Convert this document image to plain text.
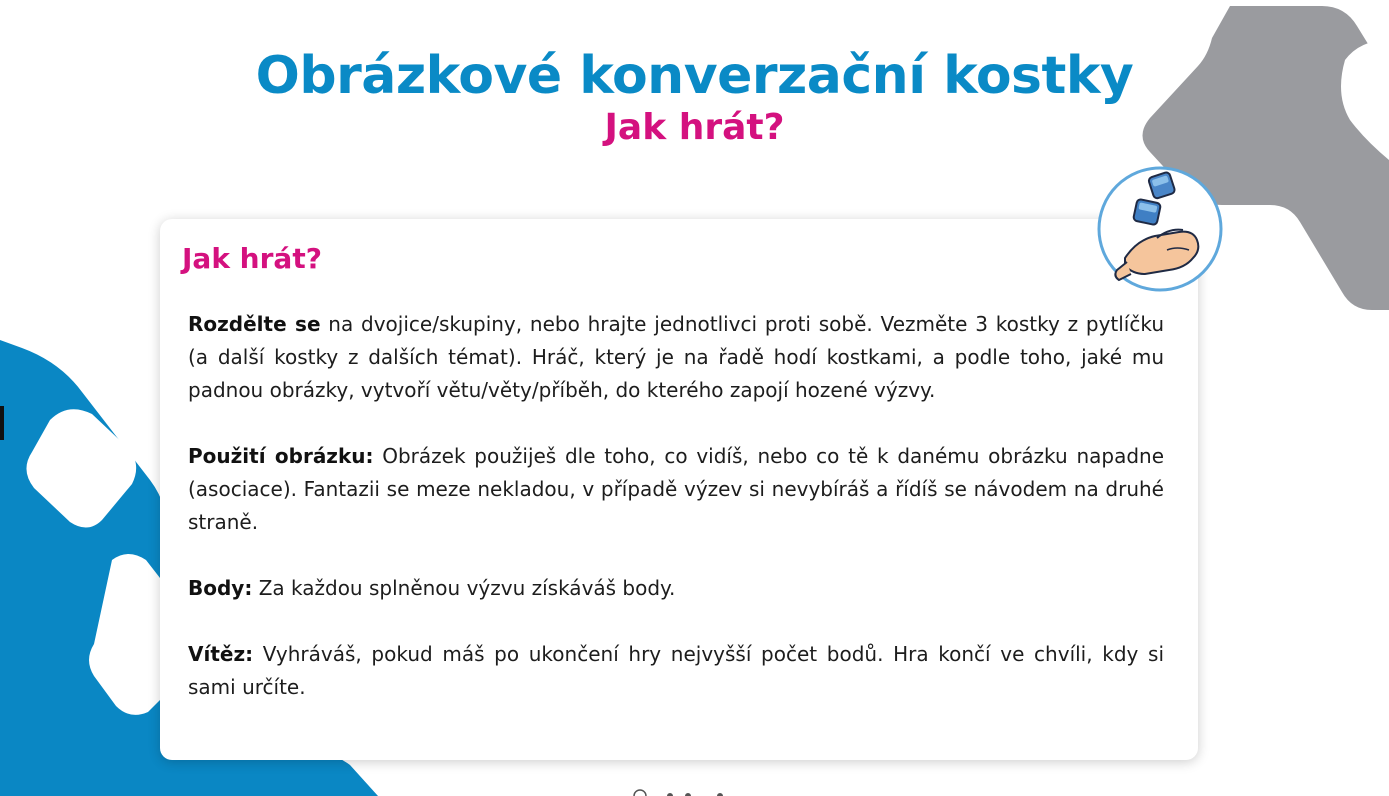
Obrázkové konverzační kostky
Jak hrát?
Jak hrát?

Rozdělte se na dvojice/skupiny, nebo hrajte jednotlivci proti sobě. Vezměte 3 kostky z pytlíčku (a další kostky z dalších témat). Hráč, který je na řadě hodí kostkami, a podle toho, jaké mu padnou obrázky, vytvoří větu/věty/příběh, do kterého zapojí hozené výzvy.

Použití obrázku: Obrázek použiješ dle toho, co vidíš, nebo co tě k danému obrázku napadne (asociace). Fantazii se meze nekladou, v případě výzev si nevybíráš a řídíš se návodem na druhé straně.

Body: Za každou splněnou výzvu získáváš body.

Vítěz: Vyhráváš, pokud máš po ukončení hry nejvyšší počet bodů. Hra končí ve chvíli, kdy si sami určíte.
